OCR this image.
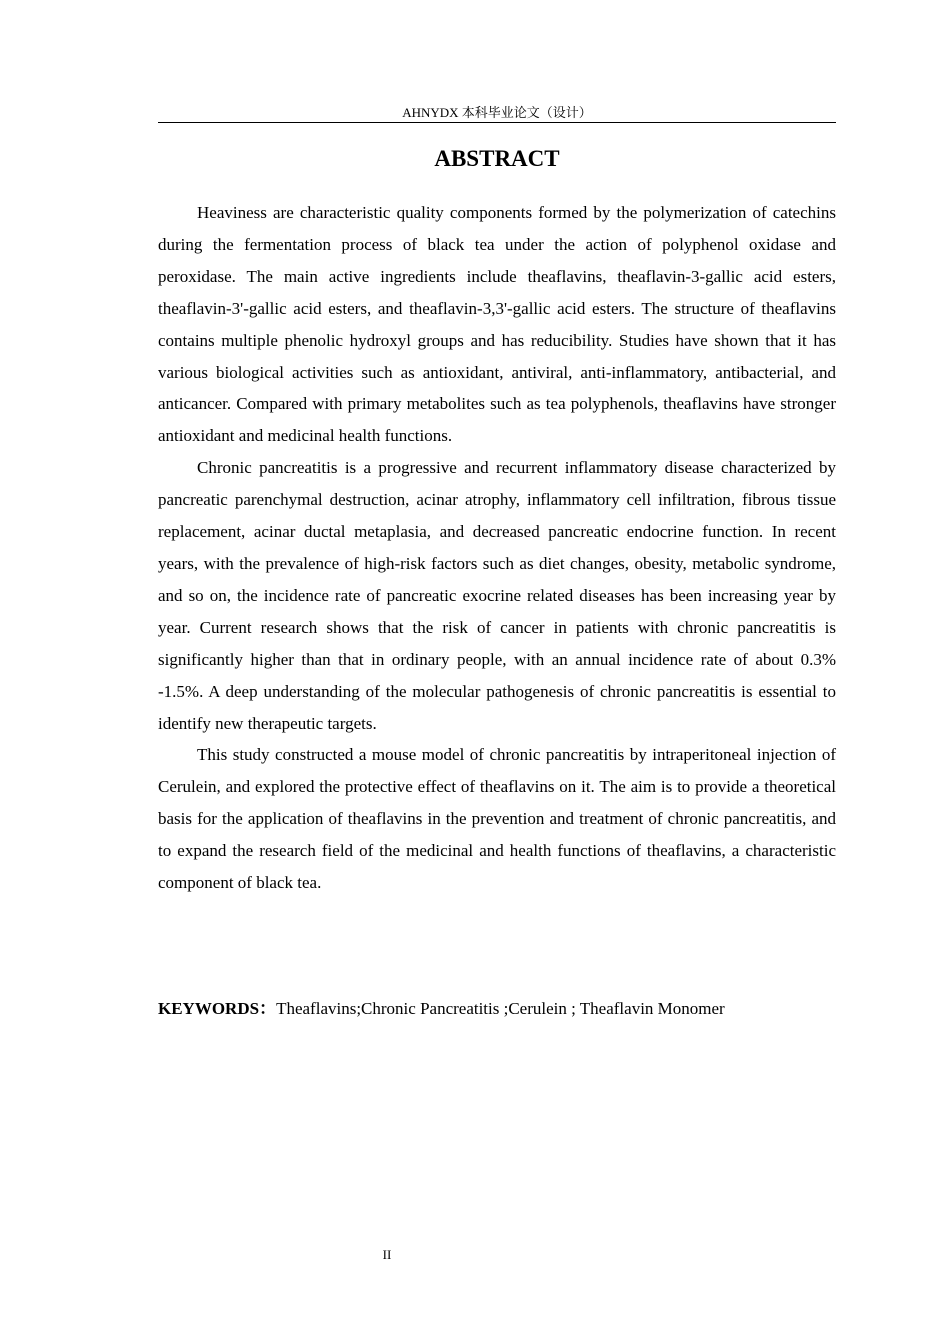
AHNYDX 本科毕业论文（设计）
ABSTRACT

Heaviness are characteristic quality components formed by the polymerization of catechins during the fermentation process of black tea under the action of polyphenol oxidase and peroxidase. The main active ingredients include theaflavins, theaflavin-3-gallic acid esters, theaflavin-3'-gallic acid esters, and theaflavin-3,3'-gallic acid esters. The structure of theaflavins contains multiple phenolic hydroxyl groups and has reducibility. Studies have shown that it has various biological activities such as antioxidant, antiviral, anti-inflammatory, antibacterial, and anticancer. Compared with primary metabolites such as tea polyphenols, theaflavins have stronger antioxidant and medicinal health functions.

Chronic pancreatitis is a progressive and recurrent inflammatory disease characterized by pancreatic parenchymal destruction, acinar atrophy, inflammatory cell infiltration, fibrous tissue replacement, acinar ductal metaplasia, and decreased pancreatic endocrine function. In recent years, with the prevalence of high-risk factors such as diet changes, obesity, metabolic syndrome, and so on, the incidence rate of pancreatic exocrine related diseases has been increasing year by year. Current research shows that the risk of cancer in patients with chronic pancreatitis is significantly higher than that in ordinary people, with an annual incidence rate of about 0.3% -1.5%. A deep understanding of the molecular pathogenesis of chronic pancreatitis is essential to identify new therapeutic targets.

This study constructed a mouse model of chronic pancreatitis by intraperitoneal injection of Cerulein, and explored the protective effect of theaflavins on it. The aim is to provide a theoretical basis for the application of theaflavins in the prevention and treatment of chronic pancreatitis, and to expand the research field of the medicinal and health functions of theaflavins, a characteristic component of black tea.

KEYWORDS：Theaflavins;Chronic Pancreatitis ;Cerulein ; Theaflavin Monomer
II
